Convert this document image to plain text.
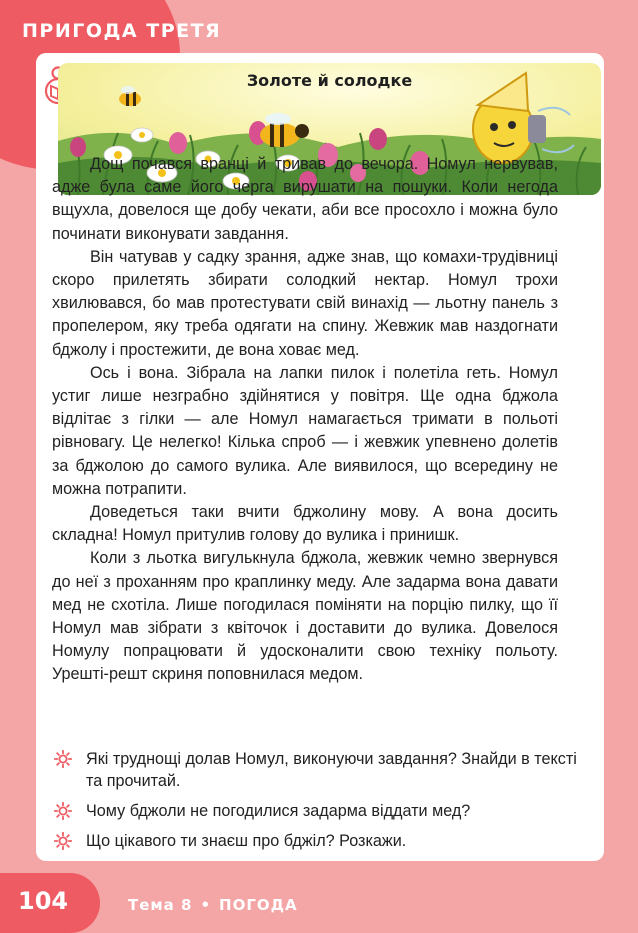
ПРИГОДА ТРЕТЯ
Золоте й солодке

Дощ почався вранці й тривав до вечора. Номул нервував, адже була саме його черга вирушати на пошуки. Коли негода вщухла, довелося ще добу чекати, аби все просохло і можна було починати виконувати завдання.

Він чатував у садку зрання, адже знав, що комахи-трудівниці скоро прилетять збирати солодкий нектар. Номул трохи хвилювався, бо мав протестувати свій винахід — льотну панель з пропелером, яку треба одягати на спину. Жевжик мав наздогнати бджолу і простежити, де вона ховає мед.

Ось і вона. Зібрала на лапки пилок і полетіла геть. Номул устиг лише незграбно здійнятися у повітря. Ще одна бджола відлітає з гілки — але Номул намагається тримати в польоті рівновагу. Це нелегко! Кілька спроб — і жевжик упевнено долетів за бджолою до самого вулика. Але виявилося, що всередину не можна потрапити.

Доведеться таки вчити бджолину мову. А вона досить складна! Номул притулив голову до вулика і принишк.

Коли з льотка вигулькнула бджола, жевжик чемно звернувся до неї з проханням про краплинку меду. Але задарма вона давати мед не схотіла. Лише погодилася поміняти на порцію пилку, що її Номул мав зібрати з квіточок і доставити до вулика. Довелося Номулу попрацювати й удосконалити свою техніку польоту. Урешті-решт скриня поповнилася медом.

Які труднощі долав Номул, виконуючи завдання? Знайди в тексті та прочитай.
Чому бджоли не погодилися задарма віддати мед?
Що цікавого ти знаєш про бджіл? Розкажи.
104	Тема 8 • ПОГОДА
